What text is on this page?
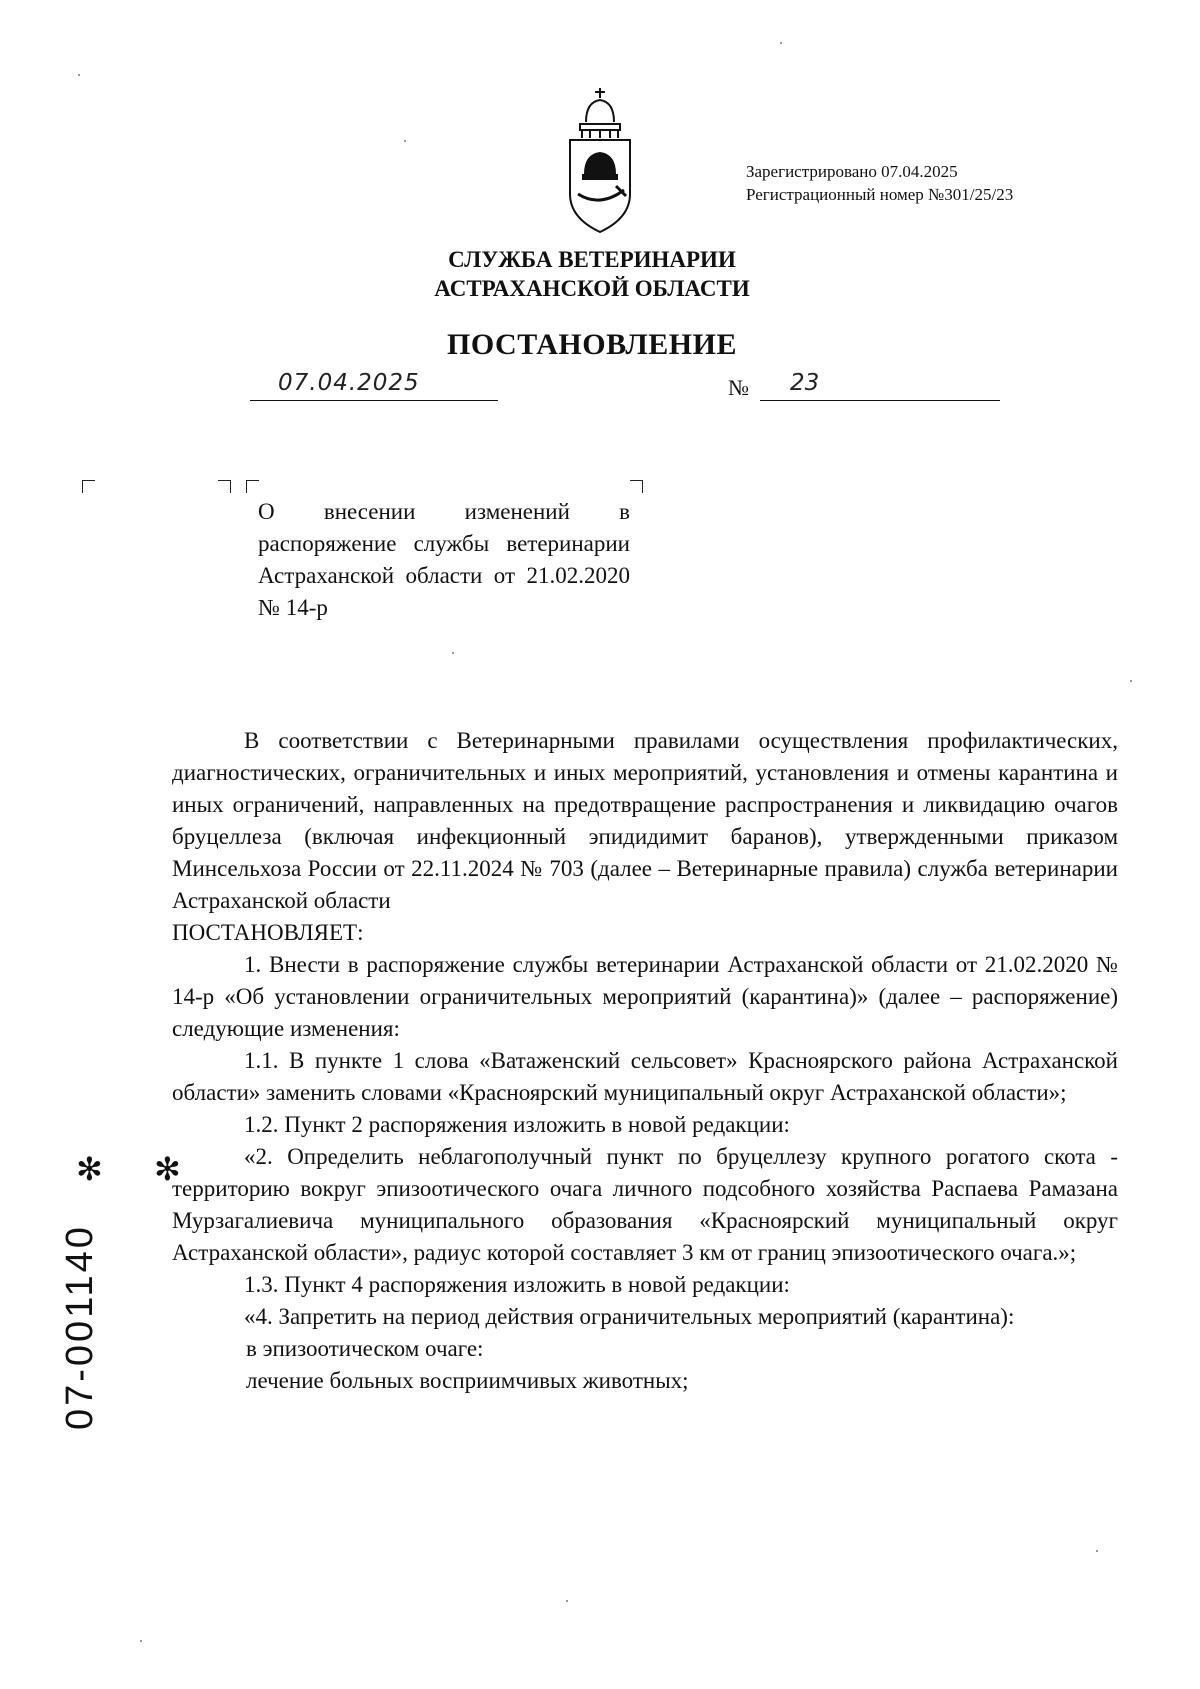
Зарегистрировано 07.04.2025
Регистрационный номер №301/25/23
СЛУЖБА ВЕТЕРИНАРИИ
АСТРАХАНСКОЙ ОБЛАСТИ
ПОСТАНОВЛЕНИЕ
07.04.2025	№ 23
О внесении изменений в распоряжение службы ветеринарии Астраханской области от 21.02.2020 № 14-р

В соответствии с Ветеринарными правилами осуществления профилактических, диагностических, ограничительных и иных мероприятий, установления и отмены карантина и иных ограничений, направленных на предотвращение распространения и ликвидацию очагов бруцеллеза (включая инфекционный эпидидимит баранов), утвержденными приказом Минсельхоза России от 22.11.2024 № 703 (далее – Ветеринарные правила) служба ветеринарии Астраханской области

ПОСТАНОВЛЯЕТ:

1. Внести в распоряжение службы ветеринарии Астраханской области от 21.02.2020 № 14-р «Об установлении ограничительных мероприятий (карантина)» (далее – распоряжение) следующие изменения:

1.1. В пункте 1 слова «Ватаженский сельсовет» Красноярского района Астраханской области» заменить словами «Красноярский муниципальный округ Астраханской области»;

1.2. Пункт 2 распоряжения изложить в новой редакции:

«2. Определить неблагополучный пункт по бруцеллезу крупного рогатого скота - территорию вокруг эпизоотического очага личного подсобного хозяйства Распаева Рамазана Мурзагалиевича муниципального образования «Красноярский муниципальный округ Астраханской области», радиус которой составляет 3 км от границ эпизоотического очага.»;

1.3. Пункт 4 распоряжения изложить в новой редакции:

«4. Запретить на период действия ограничительных мероприятий (карантина):

в эпизоотическом очаге:

лечение больных восприимчивых животных;

07-001140
✻ ✻
